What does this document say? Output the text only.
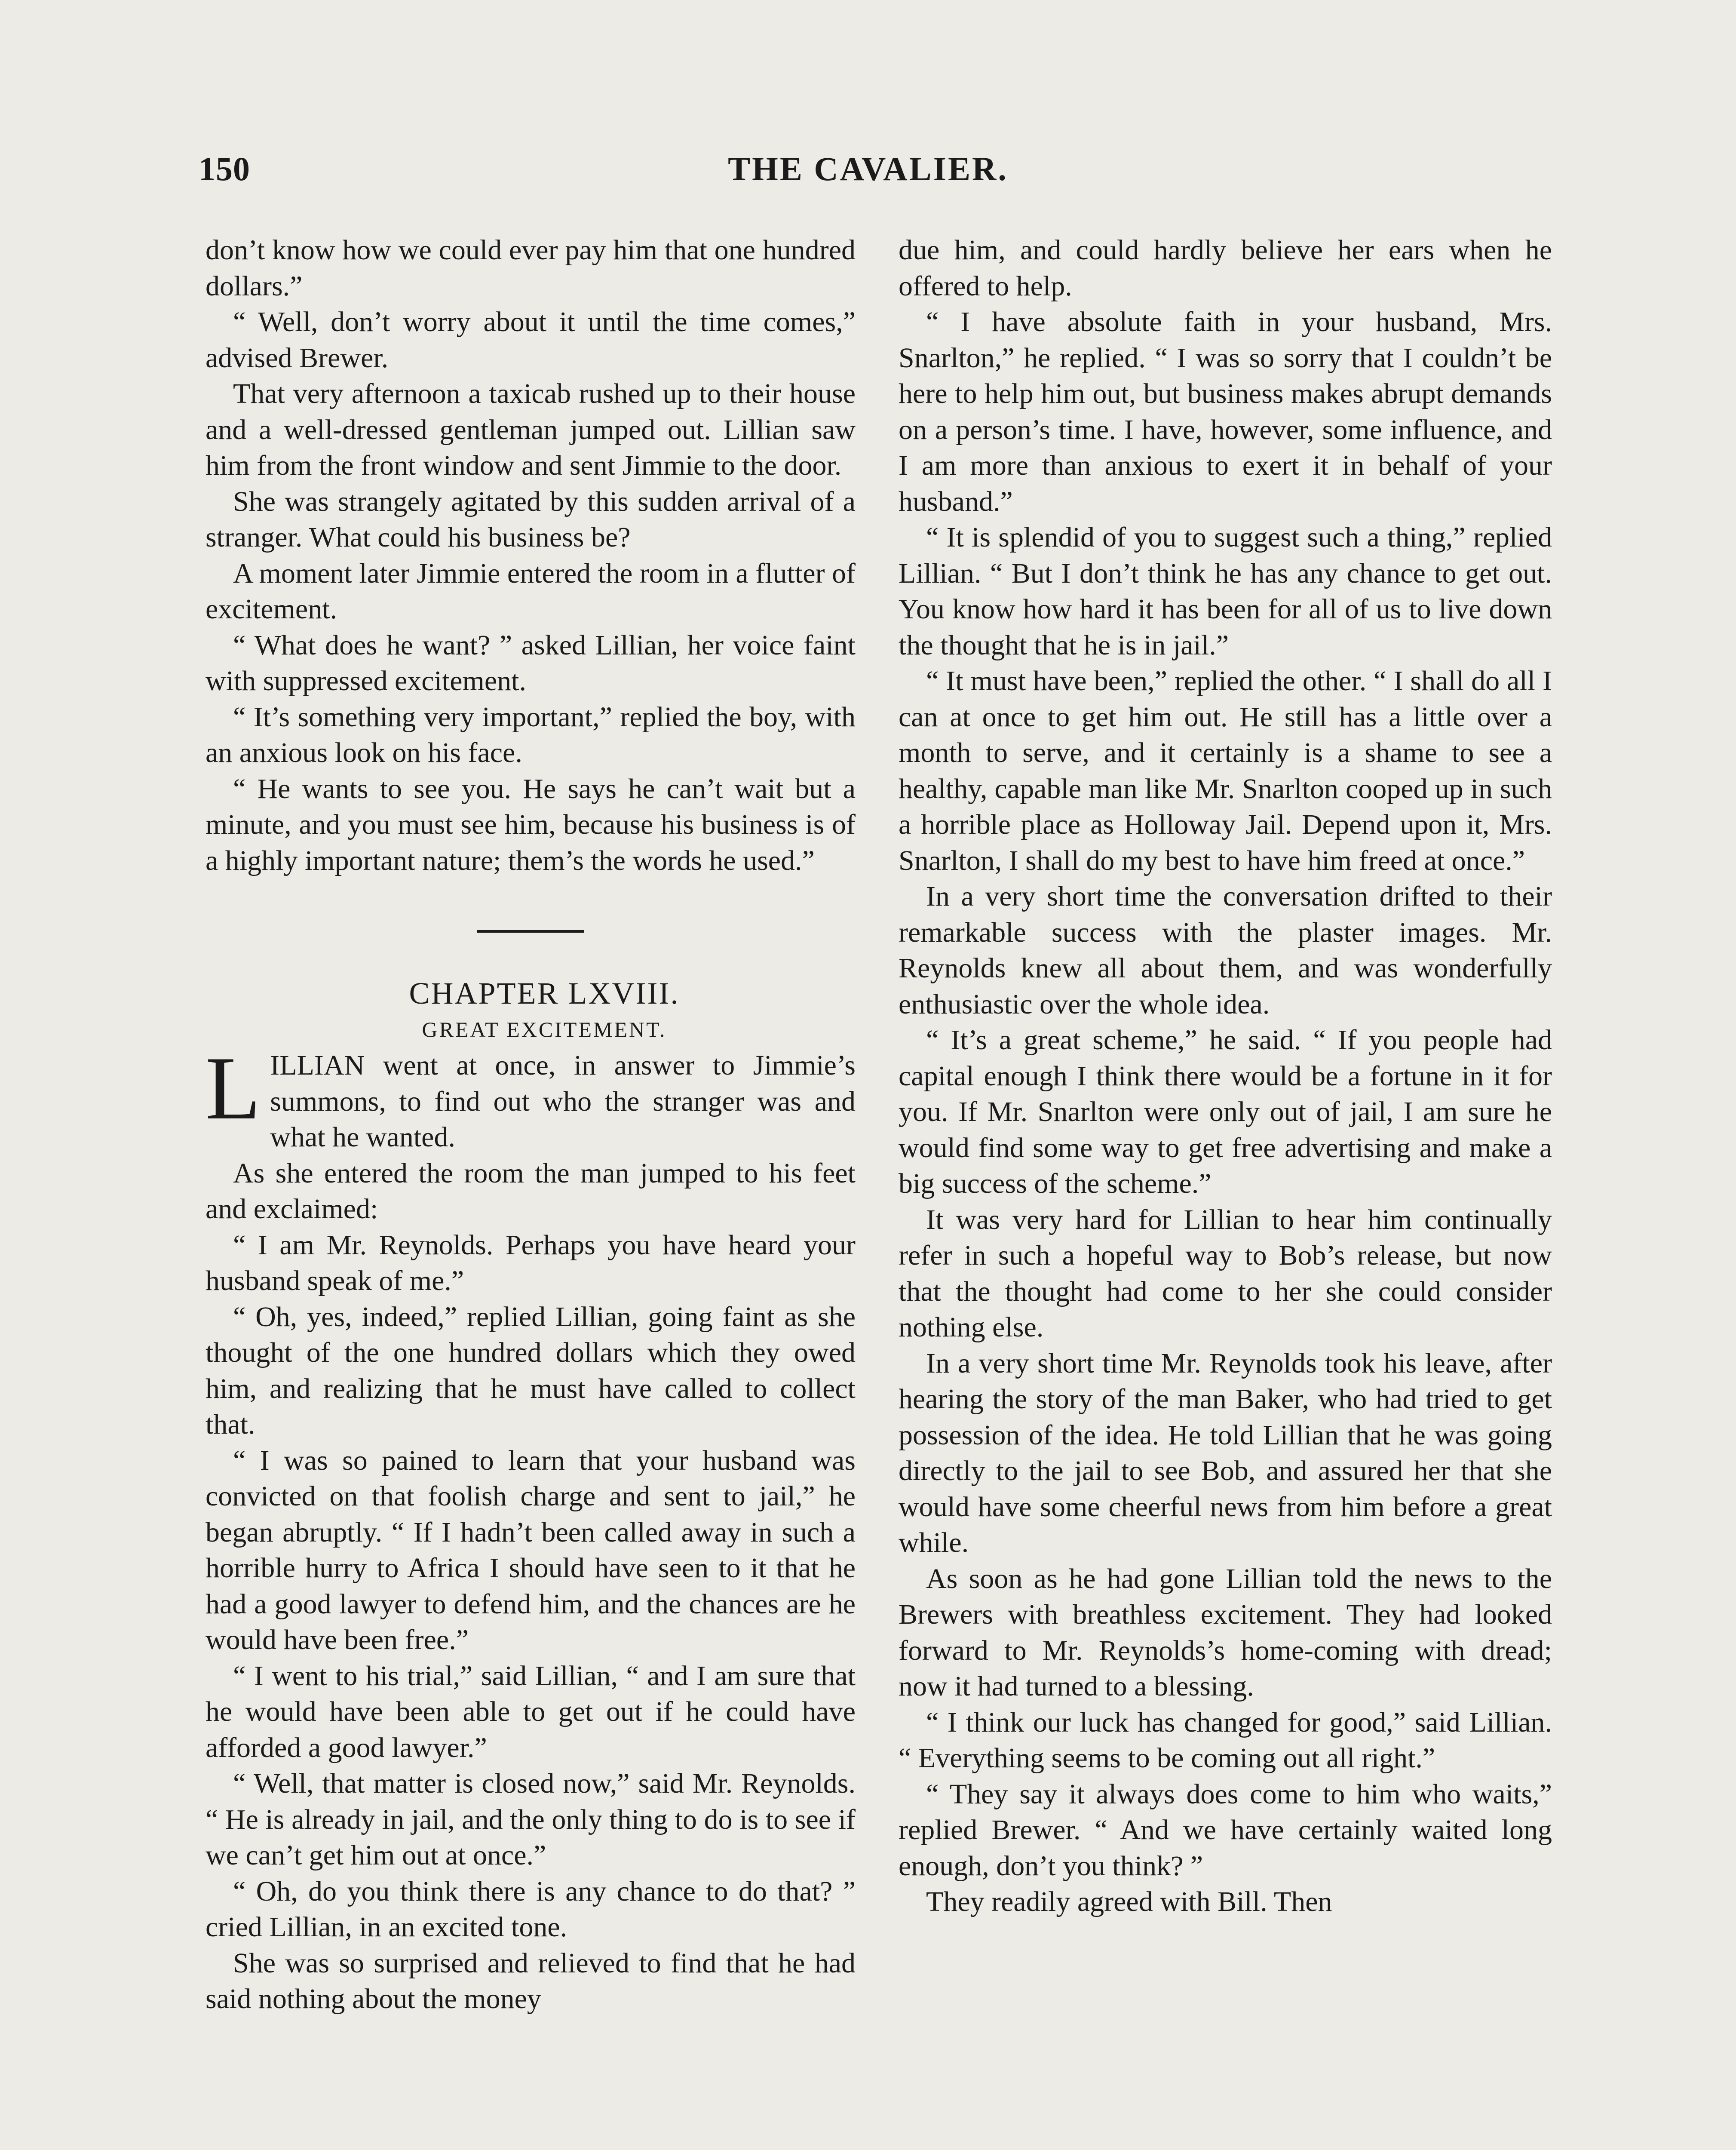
150	THE CAVALIER.

don’t know how we could ever pay him that one hundred dollars.”

“ Well, don’t worry about it until the time comes,” advised Brewer.

That very afternoon a taxicab rushed up to their house and a well-dressed gentleman jumped out. Lillian saw him from the front window and sent Jimmie to the door.

She was strangely agitated by this sudden arrival of a stranger. What could his business be?

A moment later Jimmie entered the room in a flutter of excitement.

“ What does he want? ” asked Lillian, her voice faint with suppressed excitement.

“ It’s something very important,” replied the boy, with an anxious look on his face.

“ He wants to see you. He says he can’t wait but a minute, and you must see him, because his business is of a highly important nature; them’s the words he used.”

CHAPTER LXVIII.

GREAT EXCITEMENT.

LILLIAN went at once, in answer to Jimmie’s summons, to find out who the stranger was and what he wanted.

As she entered the room the man jumped to his feet and exclaimed:

“ I am Mr. Reynolds. Perhaps you have heard your husband speak of me.”

“ Oh, yes, indeed,” replied Lillian, going faint as she thought of the one hundred dollars which they owed him, and realizing that he must have called to collect that.

“ I was so pained to learn that your husband was convicted on that foolish charge and sent to jail,” he began abruptly. “ If I hadn’t been called away in such a horrible hurry to Africa I should have seen to it that he had a good lawyer to defend him, and the chances are he would have been free.”

“ I went to his trial,” said Lillian, “ and I am sure that he would have been able to get out if he could have afforded a good lawyer.”

“ Well, that matter is closed now,” said Mr. Reynolds. “ He is already in jail, and the only thing to do is to see if we can’t get him out at once.”

“ Oh, do you think there is any chance to do that? ” cried Lillian, in an excited tone.

She was so surprised and relieved to find that he had said nothing about the money

due him, and could hardly believe her ears when he offered to help.

“ I have absolute faith in your husband, Mrs. Snarlton,” he replied. “ I was so sorry that I couldn’t be here to help him out, but business makes abrupt demands on a person’s time. I have, however, some influence, and I am more than anxious to exert it in behalf of your husband.”

“ It is splendid of you to suggest such a thing,” replied Lillian. “ But I don’t think he has any chance to get out. You know how hard it has been for all of us to live down the thought that he is in jail.”

“ It must have been,” replied the other. “ I shall do all I can at once to get him out. He still has a little over a month to serve, and it certainly is a shame to see a healthy, capable man like Mr. Snarlton cooped up in such a horrible place as Holloway Jail. Depend upon it, Mrs. Snarlton, I shall do my best to have him freed at once.”

In a very short time the conversation drifted to their remarkable success with the plaster images. Mr. Reynolds knew all about them, and was wonderfully enthusiastic over the whole idea.

“ It’s a great scheme,” he said. “ If you people had capital enough I think there would be a fortune in it for you. If Mr. Snarlton were only out of jail, I am sure he would find some way to get free advertising and make a big success of the scheme.”

It was very hard for Lillian to hear him continually refer in such a hopeful way to Bob’s release, but now that the thought had come to her she could consider nothing else.

In a very short time Mr. Reynolds took his leave, after hearing the story of the man Baker, who had tried to get possession of the idea. He told Lillian that he was going directly to the jail to see Bob, and assured her that she would have some cheerful news from him before a great while.

As soon as he had gone Lillian told the news to the Brewers with breathless excitement. They had looked forward to Mr. Reynolds’s home-coming with dread; now it had turned to a blessing.

“ I think our luck has changed for good,” said Lillian. “ Everything seems to be coming out all right.”

“ They say it always does come to him who waits,” replied Brewer. “ And we have certainly waited long enough, don’t you think? ”

They readily agreed with Bill. Then
